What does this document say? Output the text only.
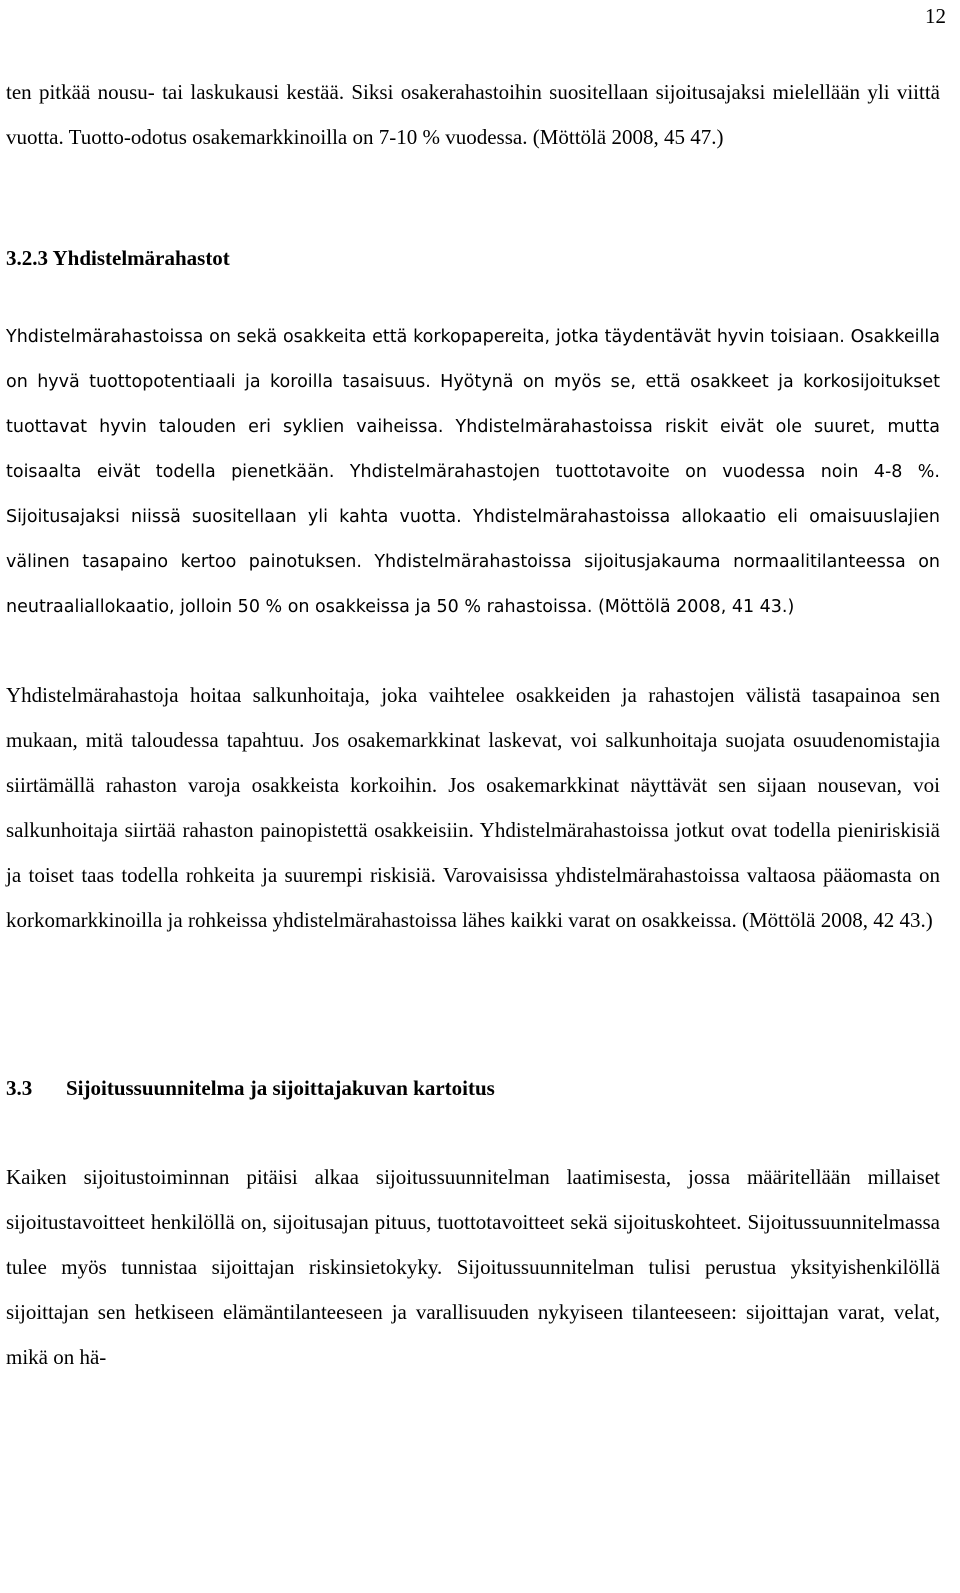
12

ten pitkää nousu- tai laskukausi kestää. Siksi osakerahastoihin suositellaan sijoitusajaksi mielellään yli viittä vuotta. Tuotto-odotus osakemarkkinoilla on 7-10 % vuodessa. (Möttölä 2008, 45 47.)

3.2.3 Yhdistelmärahastot

Yhdistelmärahastoissa on sekä osakkeita että korkopapereita, jotka täydentävät hyvin toisiaan. Osakkeilla on hyvä tuottopotentiaali ja koroilla tasaisuus. Hyötynä on myös se, että osakkeet ja korkosijoitukset tuottavat hyvin talouden eri syklien vaiheissa. Yhdistelmärahastoissa riskit eivät ole suuret, mutta toisaalta eivät todella pienetkään. Yhdistelmärahastojen tuottotavoite on vuodessa noin 4-8 %. Sijoitusajaksi niissä suositellaan yli kahta vuotta. Yhdistelmärahastoissa allokaatio eli omaisuuslajien välinen tasapaino kertoo painotuksen. Yhdistelmärahastoissa sijoitusjakauma normaalitilanteessa on neutraaliallokaatio, jolloin 50 % on osakkeissa ja 50 % rahastoissa. (Möttölä 2008, 41 43.)

Yhdistelmärahastoja hoitaa salkunhoitaja, joka vaihtelee osakkeiden ja rahastojen välistä tasapainoa sen mukaan, mitä taloudessa tapahtuu. Jos osakemarkkinat laskevat, voi salkunhoitaja suojata osuudenomistajia siirtämällä rahaston varoja osakkeista korkoihin. Jos osakemarkkinat näyttävät sen sijaan nousevan, voi salkunhoitaja siirtää rahaston painopistettä osakkeisiin. Yhdistelmärahastoissa jotkut ovat todella pieniriskisiä ja toiset taas todella rohkeita ja suurempi riskisiä. Varovaisissa yhdistelmärahastoissa valtaosa pääomasta on korkomarkkinoilla ja rohkeissa yhdistelmärahastoissa lähes kaikki varat on osakkeissa. (Möttölä 2008, 42 43.)

3.3	Sijoitussuunnitelma ja sijoittajakuvan kartoitus

Kaiken sijoitustoiminnan pitäisi alkaa sijoitussuunnitelman laatimisesta, jossa määritellään millaiset sijoitustavoitteet henkilöllä on, sijoitusajan pituus, tuottotavoitteet sekä sijoituskohteet. Sijoitussuunnitelmassa tulee myös tunnistaa sijoittajan riskinsietokyky. Sijoitussuunnitelman tulisi perustua yksityishenkilöllä sijoittajan sen hetkiseen elämäntilanteeseen ja varallisuuden nykyiseen tilanteeseen: sijoittajan varat, velat, mikä on hä-
